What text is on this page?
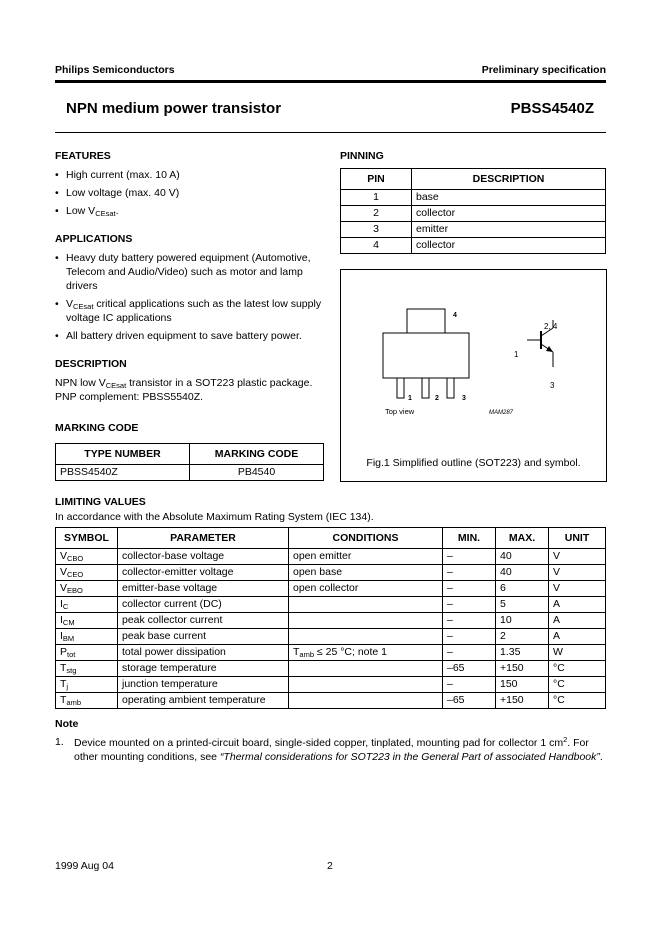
Philips Semiconductors	Preliminary specification
NPN medium power transistor	PBSS4540Z
FEATURES
• High current (max. 10 A)
• Low voltage (max. 40 V)
• Low $V_{CEsat}$.
APPLICATIONS
• Heavy duty battery powered equipment (Automotive, Telecom and Audio/Video) such as motor and lamp drivers
• $V_{CEsat}$ critical applications such as the latest low supply voltage IC applications
• All battery driven equipment to save battery power.
DESCRIPTION

NPN low $V_{CEsat}$ transistor in a SOT223 plastic package.

PNP complement: PBSS5540Z.

MARKING CODE
TYPE NUMBER	MARKING CODE
PBSS4540Z	PB4540
PINNING
PIN	DESCRIPTION
1	base
2	collector
3	emitter
4	collector
4
1	2	3
Top view	MAM287
2, 4
1
3
Fig.1 Simplified outline (SOT223) and symbol.
LIMITING VALUES
In accordance with the Absolute Maximum Rating System (IEC 134).
SYMBOL	PARAMETER	CONDITIONS	MIN.	MAX.	UNIT
$V_{CBO}$	collector-base voltage	open emitter	–	40	V
$V_{CEO}$	collector-emitter voltage	open base	–	40	V
$V_{EBO}$	emitter-base voltage	open collector	–	6	V
$I_C$	collector current (DC)		–	5	A
$I_{CM}$	peak collector current		–	10	A
$I_{BM}$	peak base current		–	2	A
$P_{tot}$	total power dissipation	$T_{amb} \le 25$ °C; note 1	–	1.35	W
$T_{stg}$	storage temperature		–65	+150	°C
$T_j$	junction temperature		–	150	°C
$T_{amb}$	operating ambient temperature		–65	+150	°C
Note
1. Device mounted on a printed-circuit board, single-sided copper, tinplated, mounting pad for collector 1 $cm^2$. For other mounting conditions, see “Thermal considerations for SOT223 in the General Part of associated Handbook”.
1999 Aug 04	2
